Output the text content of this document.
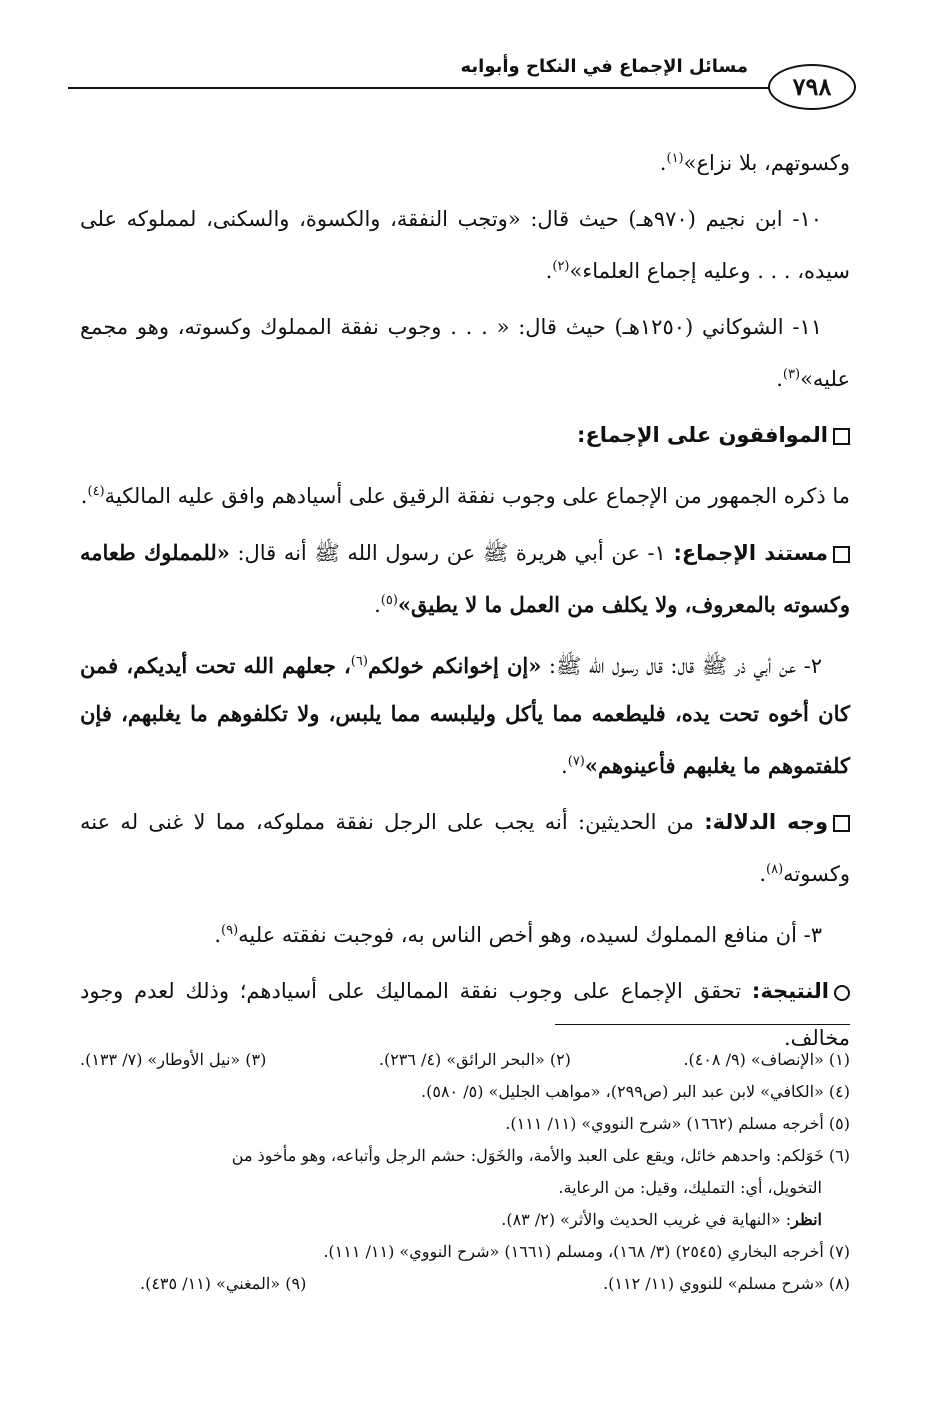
٧٩٨
مسائل الإجماع في النكاح وأبوابه

وكسوتهم، بلا نزاع»$^{(١)}$.

١٠- ابن نجيم (٩٧٠هـ) حيث قال: «وتجب النفقة، والكسوة، والسكنى، لمملوكه على سيده، . . . وعليه إجماع العلماء»$^{(٢)}$.

١١- الشوكاني (١٢٥٠هـ) حيث قال: « . . . وجوب نفقة المملوك وكسوته، وهو مجمع عليه»$^{(٣)}$.

الموافقون على الإجماع:

ما ذكره الجمهور من الإجماع على وجوب نفقة الرقيق على أسيادهم وافق عليه المالكية$^{(٤)}$.

مستند الإجماع: ١- عن أبي هريرة ﷺ عن رسول الله ﷺ أنه قال: «للمملوك طعامه وكسوته بالمعروف، ولا يكلف من العمل ما لا يطيق»$^{(٥)}$.

٢- عن أبي ذر ﷺ قال: قال رسول الله ﷺ: «إن إخوانكم خولكم$^{(٦)}$، جعلهم الله تحت أيديكم، فمن كان أخوه تحت يده، فليطعمه مما يأكل وليلبسه مما يلبس، ولا تكلفوهم ما يغلبهم، فإن كلفتموهم ما يغلبهم فأعينوهم»$^{(٧)}$.

وجه الدلالة: من الحديثين: أنه يجب على الرجل نفقة مملوكه، مما لا غنى له عنه وكسوته$^{(٨)}$.

٣- أن منافع المملوك لسيده، وهو أخص الناس به، فوجبت نفقته عليه$^{(٩)}$.

النتيجة: تحقق الإجماع على وجوب نفقة المماليك على أسيادهم؛ وذلك لعدم وجود مخالف.

(١) «الإنصاف» (٩/ ٤٠٨).
(٢) «البحر الرائق» (٤/ ٢٣٦).
(٣) «نيل الأوطار» (٧/ ١٣٣).
(٤) «الكافي» لابن عبد البر (ص٢٩٩)، «مواهب الجليل» (٥/ ٥٨٠).
(٥) أخرجه مسلم (١٦٦٢) «شرح النووي» (١١/ ١١١).
(٦) خَوَلكم: واحدهم خائل، ويقع على العبد والأمة، والخَوَل: حشم الرجل وأتباعه، وهو مأخوذ من
التخويل، أي: التمليك، وقيل: من الرعاية.
انظر: «النهاية في غريب الحديث والأثر» (٢/ ٨٣).
(٧) أخرجه البخاري (٢٥٤٥) (٣/ ١٦٨)، ومسلم (١٦٦١) «شرح النووي» (١١/ ١١١).
(٨) «شرح مسلم» للنووي (١١/ ١١٢).
(٩) «المغني» (١١/ ٤٣٥).
